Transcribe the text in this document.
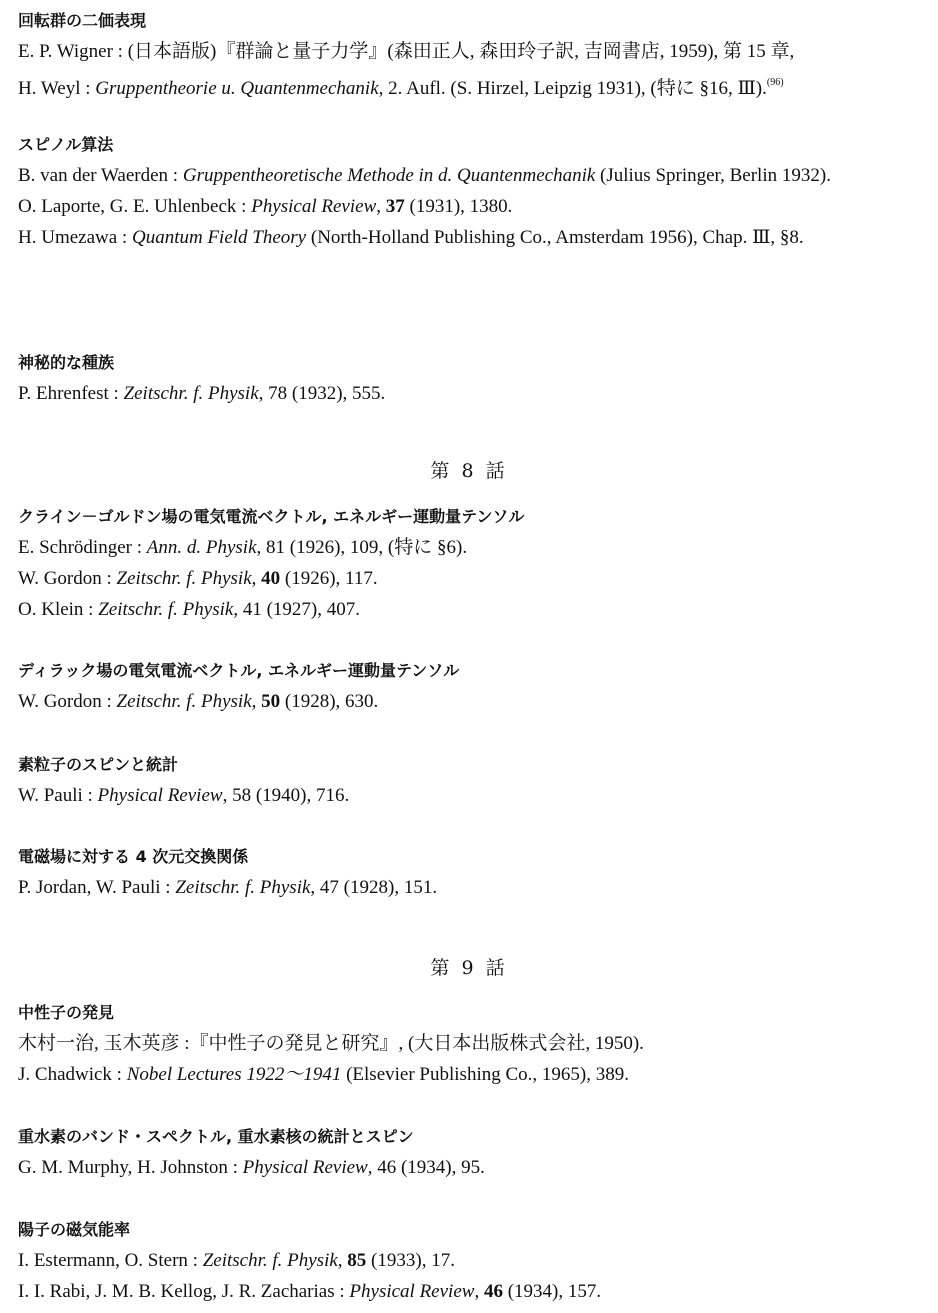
回転群の二価表現
E. P. Wigner : (日本語版)『群論と量子力学』(森田正人, 森田玲子訳, 吉岡書店, 1959), 第 15 章,
H. Weyl : Gruppentheorie u. Quantenmechanik, 2. Aufl. (S. Hirzel, Leipzig 1931), (特に §16, Ⅲ).$^{(96)}$
スピノル算法
B. van der Waerden : Gruppentheoretische Methode in d. Quantenmechanik (Julius Springer, Berlin 1932).
O. Laporte, G. E. Uhlenbeck : Physical Review, 37 (1931), 1380.
H. Umezawa : Quantum Field Theory (North-Holland Publishing Co., Amsterdam 1956), Chap. Ⅲ, §8.
神秘的な種族
P. Ehrenfest : Zeitschr. f. Physik, 78 (1932), 555.
第 8 話
クライン－ゴルドン場の電気電流ベクトル, エネルギー運動量テンソル
E. Schrödinger : Ann. d. Physik, 81 (1926), 109, (特に §6).
W. Gordon : Zeitschr. f. Physik, 40 (1926), 117.
O. Klein : Zeitschr. f. Physik, 41 (1927), 407.
ディラック場の電気電流ベクトル, エネルギー運動量テンソル
W. Gordon : Zeitschr. f. Physik, 50 (1928), 630.
素粒子のスピンと統計
W. Pauli : Physical Review, 58 (1940), 716.
電磁場に対する 4 次元交換関係
P. Jordan, W. Pauli : Zeitschr. f. Physik, 47 (1928), 151.
第 9 話
中性子の発見
木村一治, 玉木英彦 :『中性子の発見と研究』, (大日本出版株式会社, 1950).
J. Chadwick : Nobel Lectures 1922～1941 (Elsevier Publishing Co., 1965), 389.
重水素のバンド・スペクトル, 重水素核の統計とスピン
G. M. Murphy, H. Johnston : Physical Review, 46 (1934), 95.
陽子の磁気能率
I. Estermann, O. Stern : Zeitschr. f. Physik, 85 (1933), 17.
I. I. Rabi, J. M. B. Kellog, J. R. Zacharias : Physical Review, 46 (1934), 157.
